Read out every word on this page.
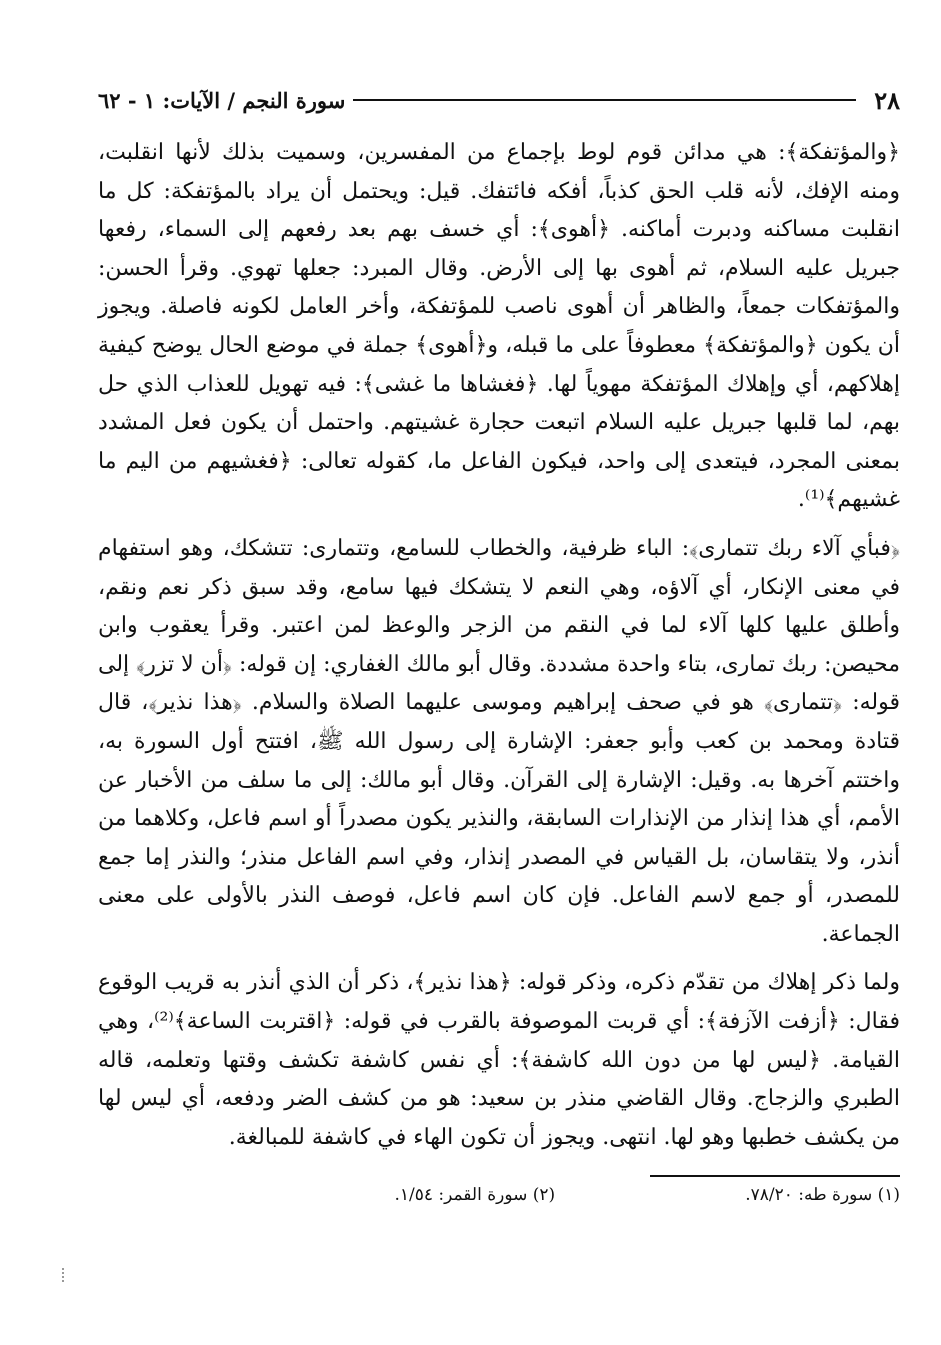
٢٨
سورة النجم / الآيات: ١ - ٦٢

﴿والمؤتفكة﴾: هي مدائن قوم لوط بإجماع من المفسرين، وسميت بذلك لأنها انقلبت، ومنه الإفك، لأنه قلب الحق كذباً، أفكه فائتفك. قيل: ويحتمل أن يراد بالمؤتفكة: كل ما انقلبت مساكنه ودبرت أماكنه. ﴿أهوى﴾: أي خسف بهم بعد رفعهم إلى السماء، رفعها جبريل عليه السلام، ثم أهوى بها إلى الأرض. وقال المبرد: جعلها تهوي. وقرأ الحسن: والمؤتفكات جمعاً، والظاهر أن أهوى ناصب للمؤتفكة، وأخر العامل لكونه فاصلة. ويجوز أن يكون ﴿والمؤتفكة﴾ معطوفاً على ما قبله، و﴿أهوى﴾ جملة في موضع الحال يوضح كيفية إهلاكهم، أي وإهلاك المؤتفكة مهوياً لها. ﴿فغشاها ما غشى﴾: فيه تهويل للعذاب الذي حل بهم، لما قلبها جبريل عليه السلام اتبعت حجارة غشيتهم. واحتمل أن يكون فعل المشدد بمعنى المجرد، فيتعدى إلى واحد، فيكون الفاعل ما، كقوله تعالى: ﴿فغشيهم من اليم ما غشيهم﴾⁽¹⁾.

﴿فبأي آلاء ربك تتمارى﴾: الباء ظرفية، والخطاب للسامع، وتتمارى: تتشكك، وهو استفهام في معنى الإنكار، أي آلاؤه، وهي النعم لا يتشكك فيها سامع، وقد سبق ذكر نعم ونقم، وأطلق عليها كلها آلاء لما في النقم من الزجر والوعظ لمن اعتبر. وقرأ يعقوب وابن محيصن: ربك تمارى، بتاء واحدة مشددة. وقال أبو مالك الغفاري: إن قوله: ﴿أن لا تزر﴾ إلى قوله: ﴿تتمارى﴾ هو في صحف إبراهيم وموسى عليهما الصلاة والسلام. ﴿هذا نذير﴾، قال قتادة ومحمد بن كعب وأبو جعفر: الإشارة إلى رسول الله ﷺ، افتتح أول السورة به، واختتم آخرها به. وقيل: الإشارة إلى القرآن. وقال أبو مالك: إلى ما سلف من الأخبار عن الأمم، أي هذا إنذار من الإنذارات السابقة، والنذير يكون مصدراً أو اسم فاعل، وكلاهما من أنذر، ولا يتقاسان، بل القياس في المصدر إنذار، وفي اسم الفاعل منذر؛ والنذر إما جمع للمصدر، أو جمع لاسم الفاعل. فإن كان اسم فاعل، فوصف النذر بالأولى على معنى الجماعة.

ولما ذكر إهلاك من تقدّم ذكره، وذكر قوله: ﴿هذا نذير﴾، ذكر أن الذي أنذر به قريب الوقوع فقال: ﴿أزفت الآزفة﴾: أي قربت الموصوفة بالقرب في قوله: ﴿اقتربت الساعة﴾⁽²⁾، وهي القيامة. ﴿ليس لها من دون الله كاشفة﴾: أي نفس كاشفة تكشف وقتها وتعلمه، قاله الطبري والزجاج. وقال القاضي منذر بن سعيد: هو من كشف الضر ودفعه، أي ليس لها من يكشف خطبها وهو لها. انتهى. ويجوز أن تكون الهاء في كاشفة للمبالغة.

(١) سورة طه: ٧٨/٢٠.
(٢) سورة القمر: ١/٥٤.
